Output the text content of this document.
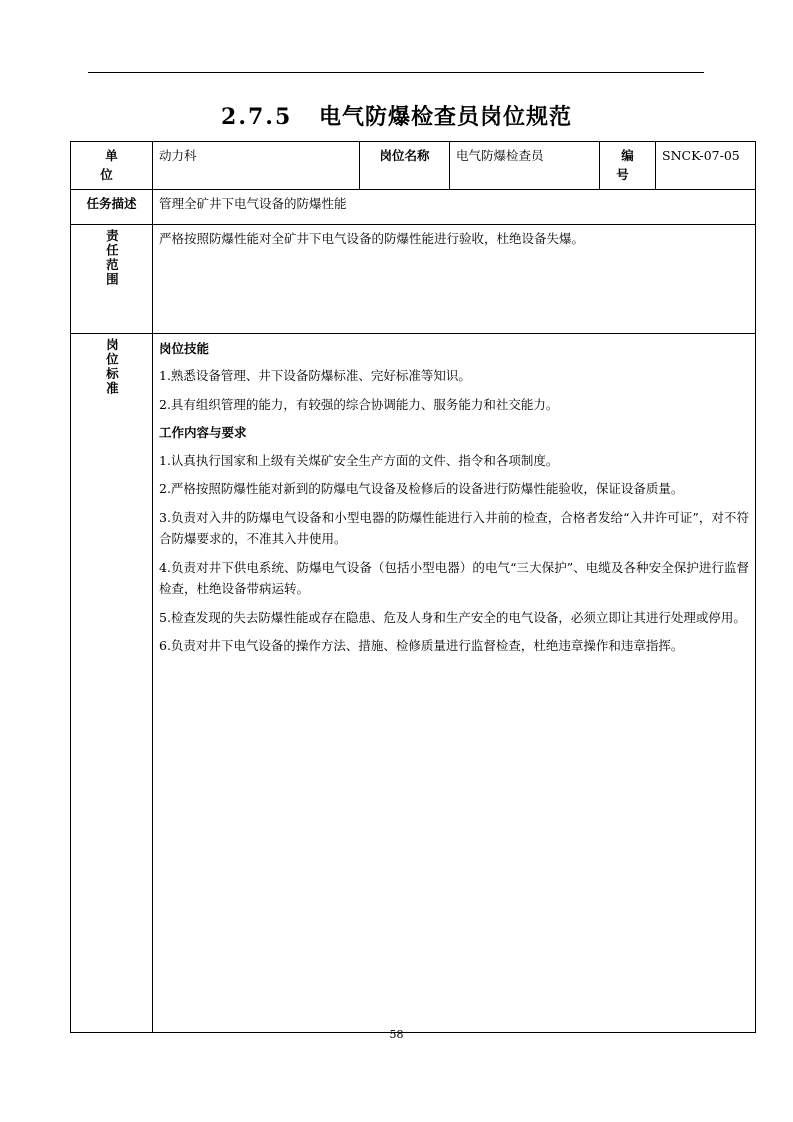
2.7.5 电气防爆检查员岗位规范
单　位	动力科	岗位名称	电气防爆检查员	编　号	SNCK-07-05
任务描述	管理全矿井下电气设备的防爆性能				
责任范围	严格按照防爆性能对全矿井下电气设备的防爆性能进行验收，杜绝设备失爆。				
岗位标准	岗位技能

1.熟悉设备管理、井下设备防爆标准、完好标准等知识。

2.具有组织管理的能力，有较强的综合协调能力、服务能力和社交能力。

工作内容与要求

1.认真执行国家和上级有关煤矿安全生产方面的文件、指令和各项制度。

2.严格按照防爆性能对新到的防爆电气设备及检修后的设备进行防爆性能验收，保证设备质量。

3.负责对入井的防爆电气设备和小型电器的防爆性能进行入井前的检查，合格者发给“入井许可证”，对不符合防爆要求的，不准其入井使用。

4.负责对井下供电系统、防爆电气设备（包括小型电器）的电气“三大保护”、电缆及各种安全保护进行监督检查，杜绝设备带病运转。

5.检查发现的失去防爆性能或存在隐患、危及人身和生产安全的电气设备，必须立即让其进行处理或停用。

6.负责对井下电气设备的操作方法、措施、检修质量进行监督检查，杜绝违章操作和违章指挥。

58
